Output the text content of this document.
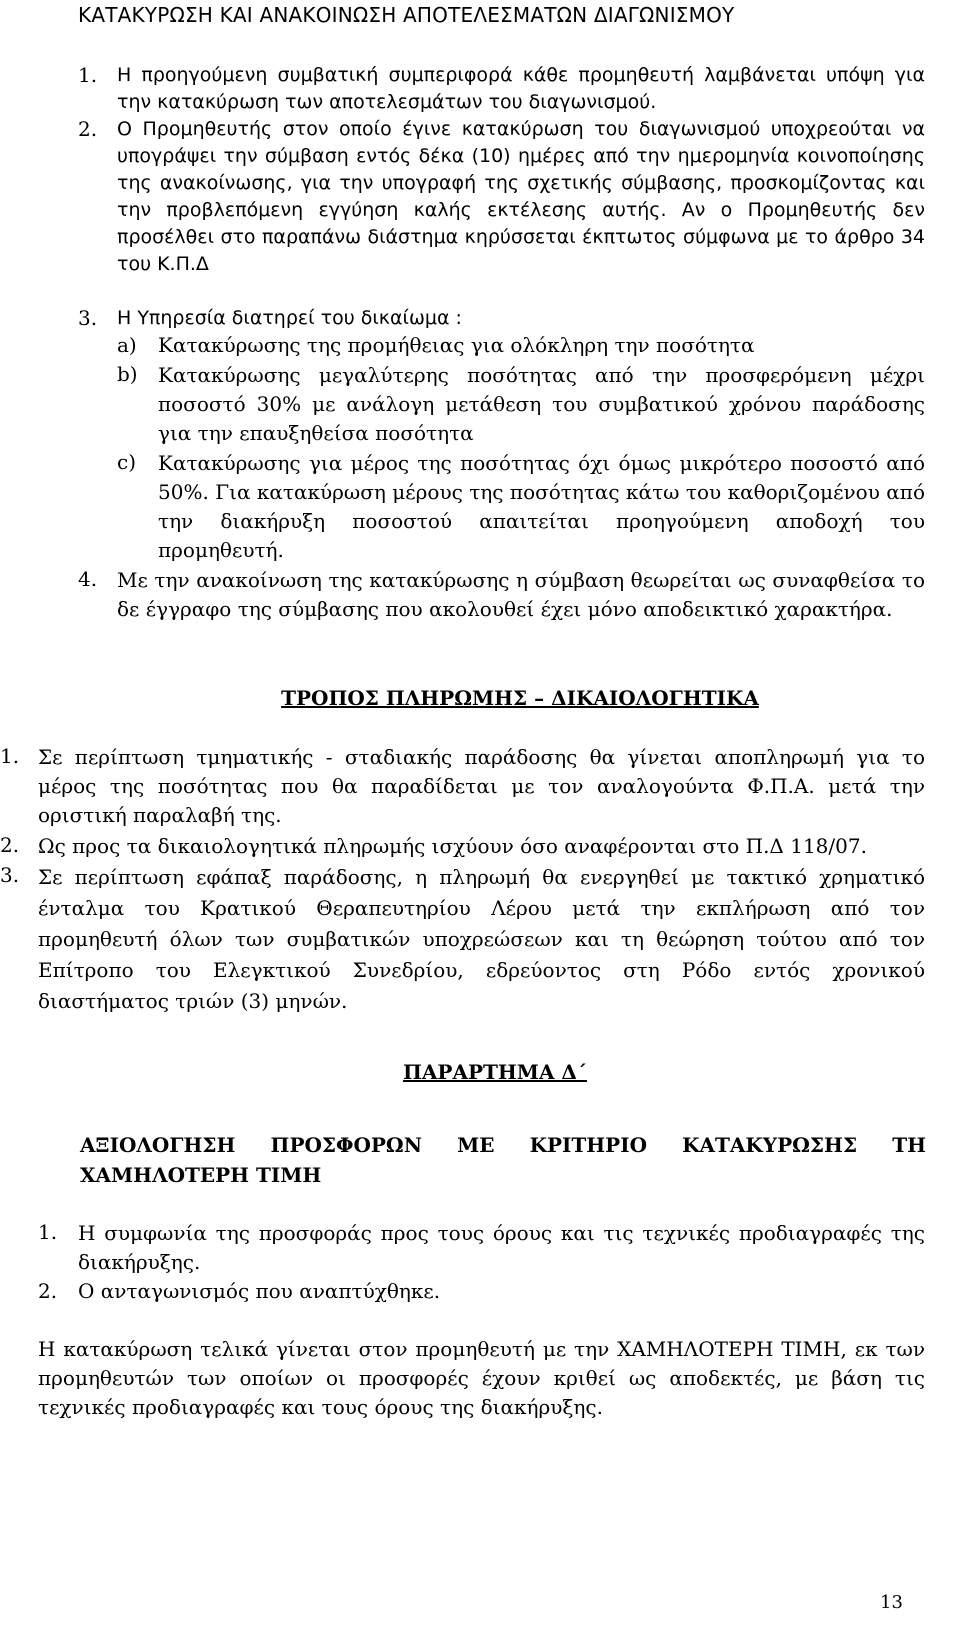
ΚΑΤΑΚΥΡΩΣΗ ΚΑΙ ΑΝΑΚΟΙΝΩΣΗ ΑΠΟΤΕΛΕΣΜΑΤΩΝ ΔΙΑΓΩΝΙΣΜΟΥ
1. Η προηγούμενη συμβατική συμπεριφορά κάθε προμηθευτή λαμβάνεται υπόψη για την κατακύρωση των αποτελεσμάτων του διαγωνισμού.
2. Ο Προμηθευτής στον οποίο έγινε κατακύρωση του διαγωνισμού υποχρεούται να υπογράψει την σύμβαση εντός δέκα (10) ημέρες από την ημερομηνία κοινοποίησης της ανακοίνωσης, για την υπογραφή της σχετικής σύμβασης, προσκομίζοντας και την προβλεπόμενη εγγύηση καλής εκτέλεσης αυτής. Αν ο Προμηθευτής δεν προσέλθει στο παραπάνω διάστημα κηρύσσεται έκπτωτος σύμφωνα με το άρθρο 34 του Κ.Π.Δ
3. Η Υπηρεσία διατηρεί του δικαίωμα :
a) Κατακύρωσης της προμήθειας για ολόκληρη την ποσότητα
b) Κατακύρωσης μεγαλύτερης ποσότητας από την προσφερόμενη μέχρι ποσοστό 30% με ανάλογη μετάθεση του συμβατικού χρόνου παράδοσης για την επαυξηθείσα ποσότητα
c) Κατακύρωσης για μέρος της ποσότητας όχι όμως μικρότερο ποσοστό από 50%. Για κατακύρωση μέρους της ποσότητας κάτω του καθοριζομένου από την διακήρυξη ποσοστού απαιτείται προηγούμενη αποδοχή του προμηθευτή.
4. Με την ανακοίνωση της κατακύρωσης η σύμβαση θεωρείται ως συναφθείσα το δε έγγραφο της σύμβασης που ακολουθεί έχει μόνο αποδεικτικό χαρακτήρα.
ΤΡΟΠΟΣ ΠΛΗΡΩΜΗΣ – ΔΙΚΑΙΟΛΟΓΗΤΙΚΑ
1. Σε περίπτωση τμηματικής - σταδιακής παράδοσης θα γίνεται αποπληρωμή για το μέρος της ποσότητας που θα παραδίδεται με τον αναλογούντα Φ.Π.Α. μετά την οριστική παραλαβή της.
2. Ως προς τα δικαιολογητικά πληρωμής ισχύουν όσο αναφέρονται στο Π.Δ 118/07.
3. Σε περίπτωση εφάπαξ παράδοσης, η πληρωμή θα ενεργηθεί με τακτικό χρηματικό ένταλμα του Κρατικού Θεραπευτηρίου Λέρου μετά την εκπλήρωση από τον προμηθευτή όλων των συμβατικών υποχρεώσεων και τη θεώρηση τούτου από τον Επίτροπο του Ελεγκτικού Συνεδρίου, εδρεύοντος στη Ρόδο εντός χρονικού διαστήματος τριών (3) μηνών.
ΠΑΡΑΡΤΗΜΑ Δ΄
ΑΞΙΟΛΟΓΗΣΗ ΠΡΟΣΦΟΡΩΝ ΜΕ ΚΡΙΤΗΡΙΟ ΚΑΤΑΚΥΡΩΣΗΣ ΤΗ ΧΑΜΗΛΟΤΕΡΗ ΤΙΜΗ
1. Η συμφωνία της προσφοράς προς τους όρους και τις τεχνικές προδιαγραφές της διακήρυξης.
2. Ο ανταγωνισμός που αναπτύχθηκε.
Η κατακύρωση τελικά γίνεται στον προμηθευτή με την ΧΑΜΗΛΟΤΕΡΗ ΤΙΜΗ, εκ των προμηθευτών των οποίων οι προσφορές έχουν κριθεί ως αποδεκτές, με βάση τις τεχνικές προδιαγραφές και τους όρους της διακήρυξης.
13
